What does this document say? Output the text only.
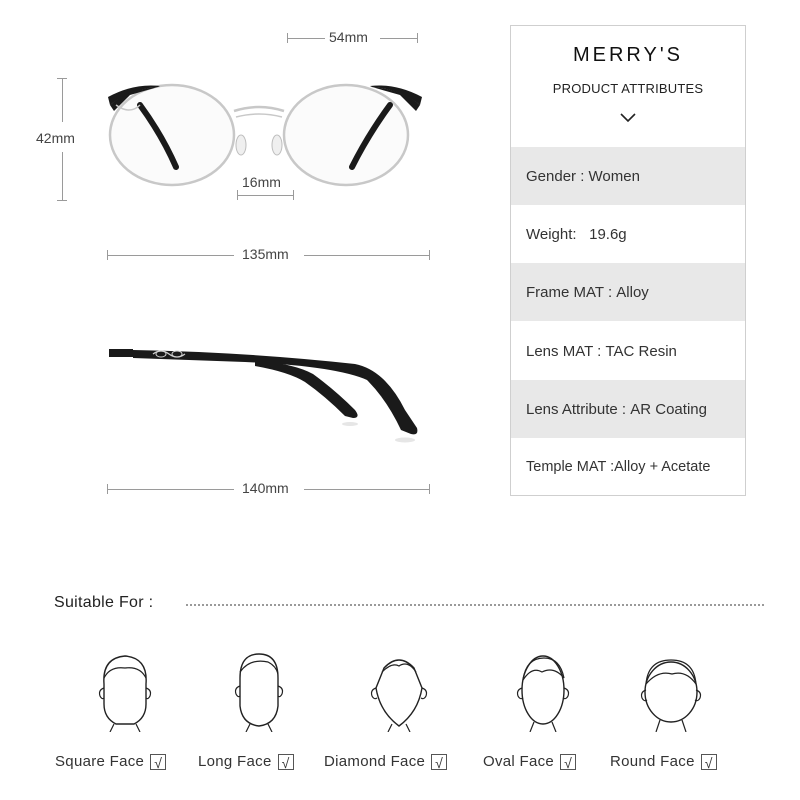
54mm
42mm
16mm
135mm
140mm
MERRY'S
PRODUCT ATTRIBUTES
Gender :
Women
Weight:
19.6g
Frame MAT :
Alloy
Lens MAT :
TAC Resin
Lens Attribute :
AR Coating
Temple MAT : Alloy + Acetate
Suitable For :
Square Face √ Long Face √ Diamond Face √	Oval Face √	Round Face √
